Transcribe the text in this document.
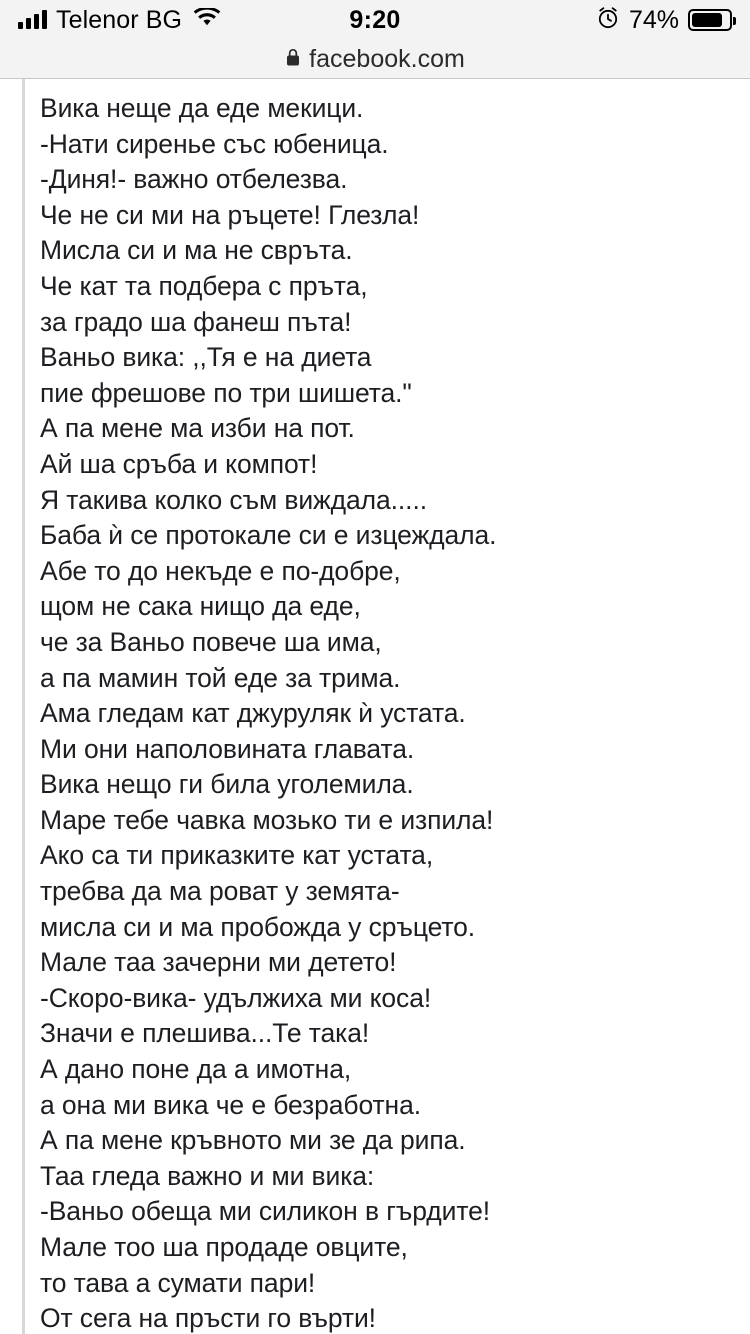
Telenor BG	9:20	74%
facebook.com
Вика неще да еде мекици.
-Нати сиренье със юбеница.
-Диня!- важно отбелезва.
Че не си ми на ръцете! Глезла!
Мисла си и ма не свръта.
Че кат та подбера с пръта,
за градо ша фанеш пъта!
Ваньо вика: ,,Тя е на диета
пие фрешове по три шишета."
А па мене ма изби на пот.
Ай ша сръба и компот!
Я такива колко съм виждала.....
Баба ѝ се протокале си е изцеждала.
Абе то до некъде е по-добре,
щом не сака нищо да еде,
че за Ваньо повече ша има,
а па мамин той еде за трима.
Ама гледам кат джуруляк ѝ устата.
Ми они наполовината главата.
Вика нещо ги била уголемила.
Маре тебе чавка мозько ти е изпила!
Ако са ти приказките кат устата,
требва да ма роват у земята-
мисла си и ма пробожда у сръцето.
Мале таа зачерни ми детето!
-Скоро-вика- удължиха ми коса!
Значи е плешива...Те така!
А дано поне да а имотна,
а она ми вика че е безработна.
А па мене кръвното ми зе да рипа.
Таа гледа важно и ми вика:
-Ваньо обеща ми силикон в гърдите!
Мале тоо ша продаде овците,
то тава а сумати пари!
От сега на пръсти го върти!
